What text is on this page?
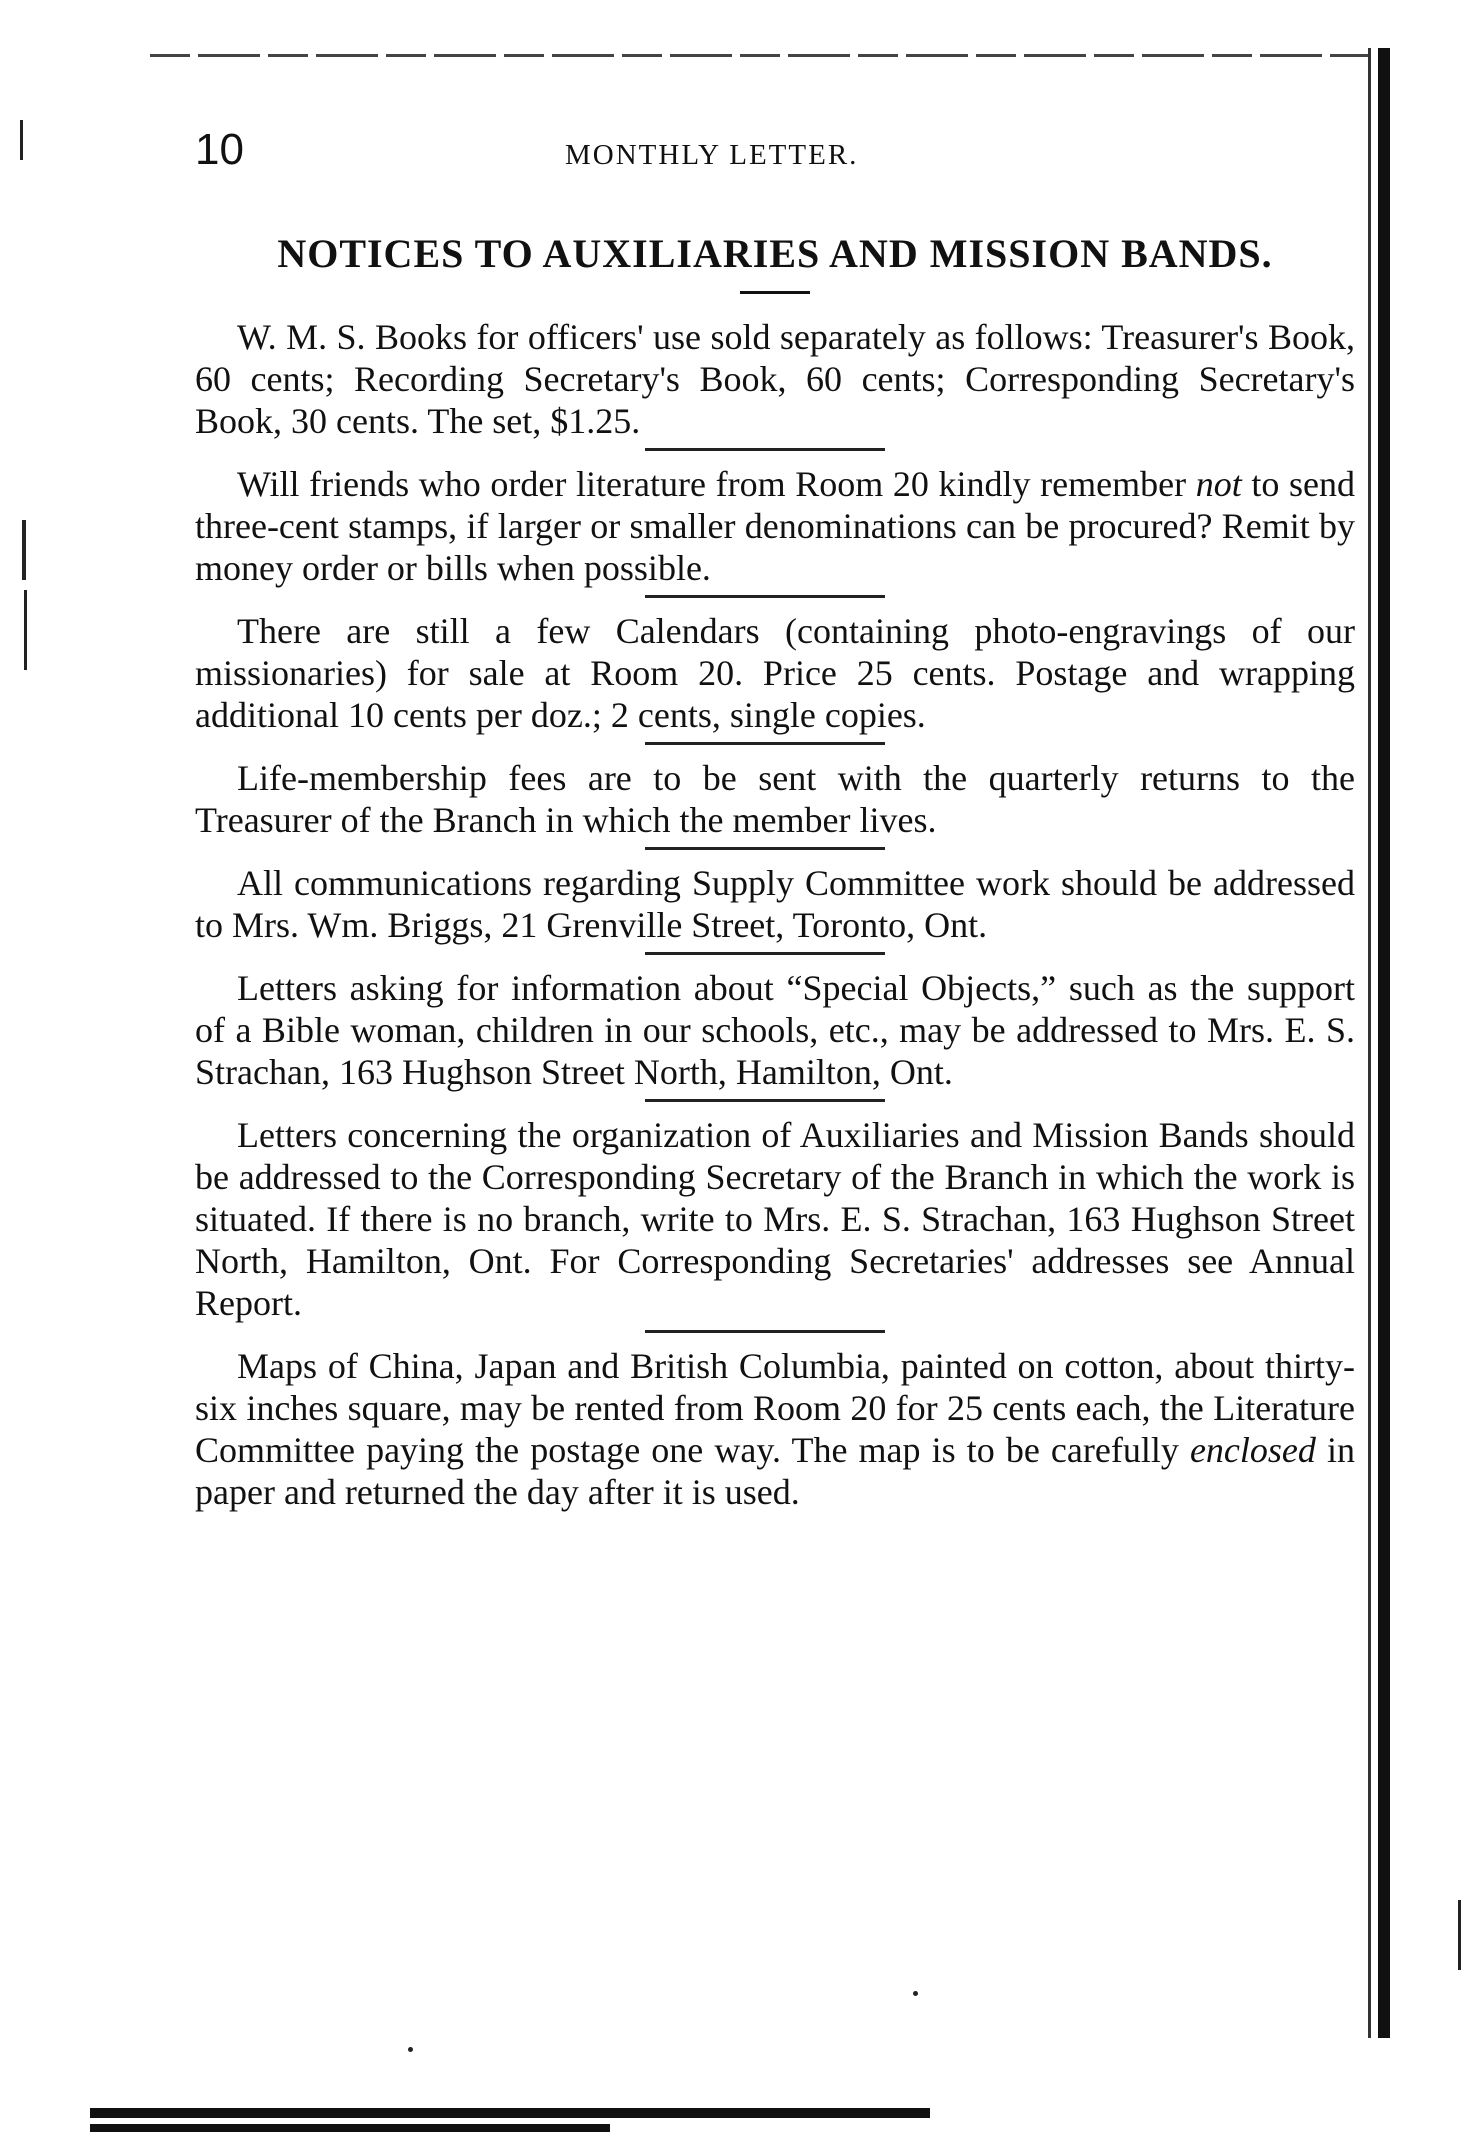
10	MONTHLY LETTER.
NOTICES TO AUXILIARIES AND MISSION BANDS.

W. M. S. Books for officers' use sold separately as follows: Treasurer's Book, 60 cents; Recording Secretary's Book, 60 cents; Corresponding Secretary's Book, 30 cents. The set, $1.25.

Will friends who order literature from Room 20 kindly remember not to send three-cent stamps, if larger or smaller denominations can be procured? Remit by money order or bills when possible.

There are still a few Calendars (containing photo-engravings of our missionaries) for sale at Room 20. Price 25 cents. Postage and wrapping additional 10 cents per doz.; 2 cents, single copies.

Life-membership fees are to be sent with the quarterly returns to the Treasurer of the Branch in which the member lives.

All communications regarding Supply Committee work should be addressed to Mrs. Wm. Briggs, 21 Grenville Street, Toronto, Ont.

Letters asking for information about “Special Objects,” such as the support of a Bible woman, children in our schools, etc., may be addressed to Mrs. E. S. Strachan, 163 Hughson Street North, Hamilton, Ont.

Letters concerning the organization of Auxiliaries and Mission Bands should be addressed to the Corresponding Secretary of the Branch in which the work is situated. If there is no branch, write to Mrs. E. S. Strachan, 163 Hughson Street North, Hamilton, Ont. For Corresponding Secretaries' addresses see Annual Report.

Maps of China, Japan and British Columbia, painted on cotton, about thirty-six inches square, may be rented from Room 20 for 25 cents each, the Literature Committee paying the postage one way. The map is to be carefully enclosed in paper and returned the day after it is used.
